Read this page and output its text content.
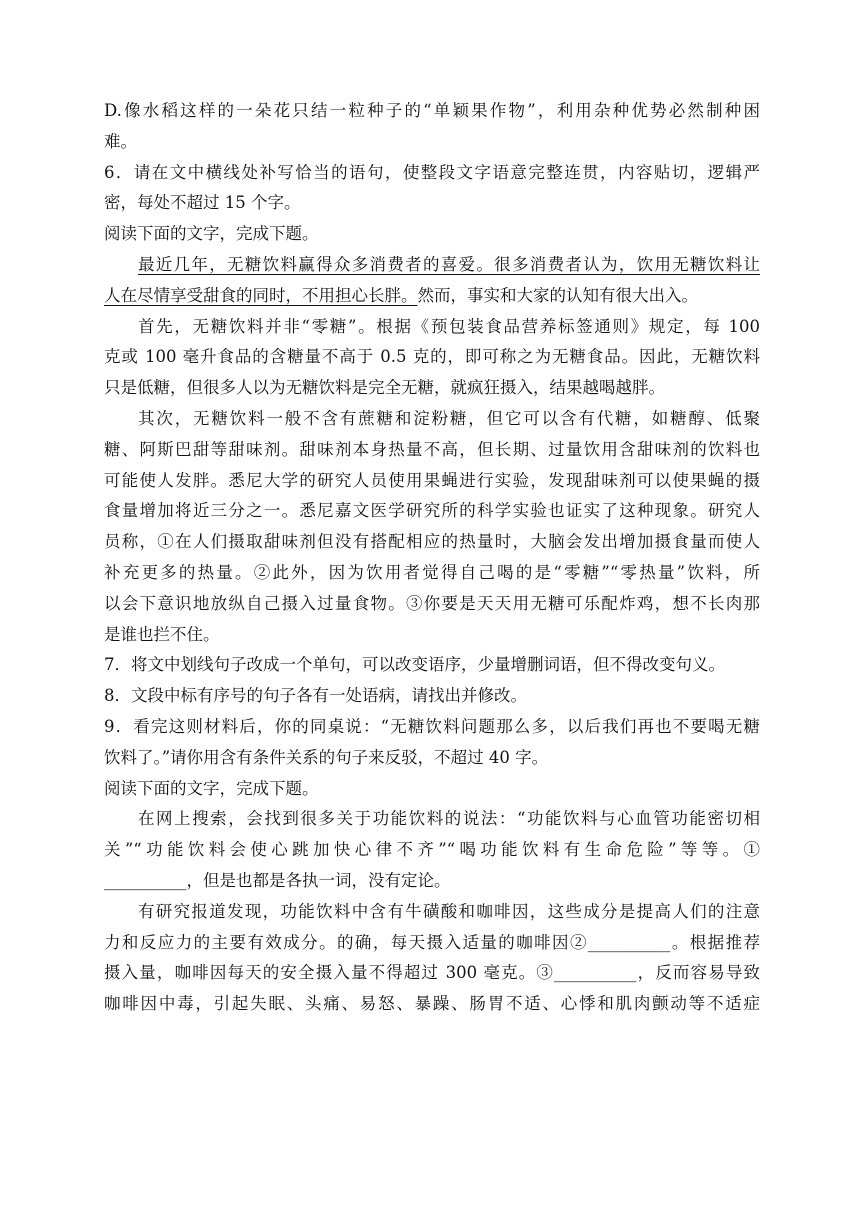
D.像水稻这样的一朵花只结一粒种子的“单颖果作物”，利用杂种优势必然制种困
难。
6．请在文中横线处补写恰当的语句，使整段文字语意完整连贯，内容贴切，逻辑严
密，每处不超过 15 个字。
阅读下面的文字，完成下题。
最近几年，无糖饮料赢得众多消费者的喜爱。很多消费者认为，饮用无糖饮料让
人在尽情享受甜食的同时，不用担心长胖。然而，事实和大家的认知有很大出入。
首先，无糖饮料并非“零糖”。根据《预包装食品营养标签通则》规定，每 100
克或 100 毫升食品的含糖量不高于 0.5 克的，即可称之为无糖食品。因此，无糖饮料
只是低糖，但很多人以为无糖饮料是完全无糖，就疯狂摄入，结果越喝越胖。
其次，无糖饮料一般不含有蔗糖和淀粉糖，但它可以含有代糖，如糖醇、低聚
糖、阿斯巴甜等甜味剂。甜味剂本身热量不高，但长期、过量饮用含甜味剂的饮料也
可能使人发胖。悉尼大学的研究人员使用果蝇进行实验，发现甜味剂可以使果蝇的摄
食量增加将近三分之一。悉尼嘉文医学研究所的科学实验也证实了这种现象。研究人
员称，①在人们摄取甜味剂但没有搭配相应的热量时，大脑会发出增加摄食量而使人
补充更多的热量。②此外，因为饮用者觉得自己喝的是“零糖”“零热量”饮料，所
以会下意识地放纵自己摄入过量食物。③你要是天天用无糖可乐配炸鸡，想不长肉那
是谁也拦不住。
7．将文中划线句子改成一个单句，可以改变语序，少量增删词语，但不得改变句义。
8．文段中标有序号的句子各有一处语病，请找出并修改。
9．看完这则材料后，你的同桌说：“无糖饮料问题那么多，以后我们再也不要喝无糖
饮料了。”请你用含有条件关系的句子来反驳，不超过 40 字。
阅读下面的文字，完成下题。
在网上搜索，会找到很多关于功能饮料的说法：“功能饮料与心血管功能密切相
关”“功能饮料会使心跳加快心律不齐”“喝功能饮料有生命危险”等等。①
__________，但是也都是各执一词，没有定论。
有研究报道发现，功能饮料中含有牛磺酸和咖啡因，这些成分是提高人们的注意
力和反应力的主要有效成分。的确，每天摄入适量的咖啡因②__________。根据推荐
摄入量，咖啡因每天的安全摄入量不得超过 300 毫克。③__________，反而容易导致
咖啡因中毒，引起失眠、头痛、易怒、暴躁、肠胃不适、心悸和肌肉颤动等不适症
